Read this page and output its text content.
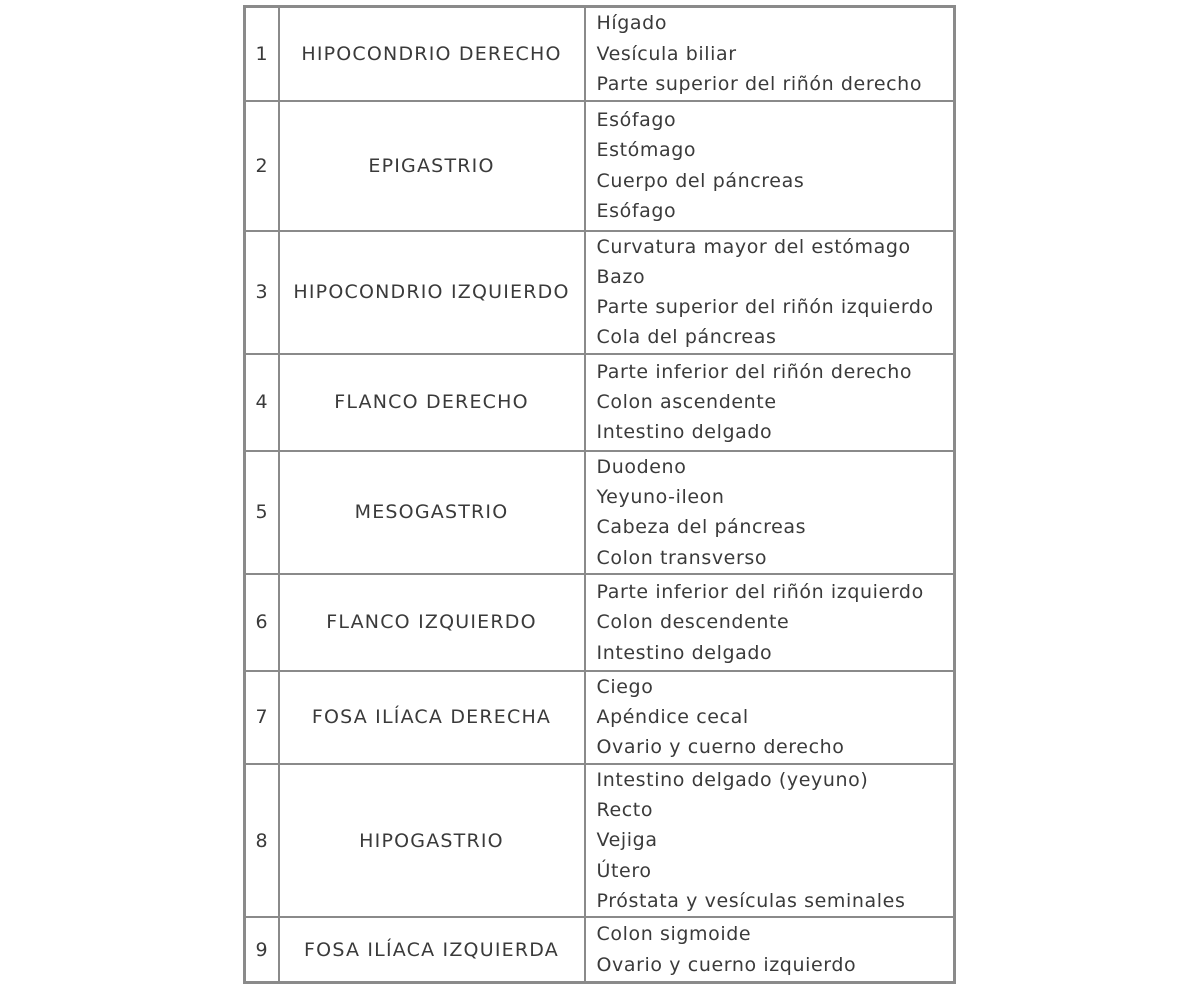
1	HIPOCONDRIO DERECHO	Hígado
Vesícula biliar
Parte superior del riñón derecho

2	EPIGASTRIO	Esófago
Estómago
Cuerpo del páncreas
Esófago

3	HIPOCONDRIO IZQUIERDO	Curvatura mayor del estómago
Bazo
Parte superior del riñón izquierdo
Cola del páncreas

4	FLANCO DERECHO	Parte inferior del riñón derecho
Colon ascendente
Intestino delgado

5	MESOGASTRIO	Duodeno
Yeyuno-ileon
Cabeza del páncreas
Colon transverso

6	FLANCO IZQUIERDO	Parte inferior del riñón izquierdo
Colon descendente
Intestino delgado

7	FOSA ILÍACA DERECHA	Ciego
Apéndice cecal
Ovario y cuerno derecho

8	HIPOGASTRIO	Intestino delgado (yeyuno)
Recto
Vejiga
Útero
Próstata y vesículas seminales

9	FOSA ILÍACA IZQUIERDA	Colon sigmoide
Ovario y cuerno izquierdo
